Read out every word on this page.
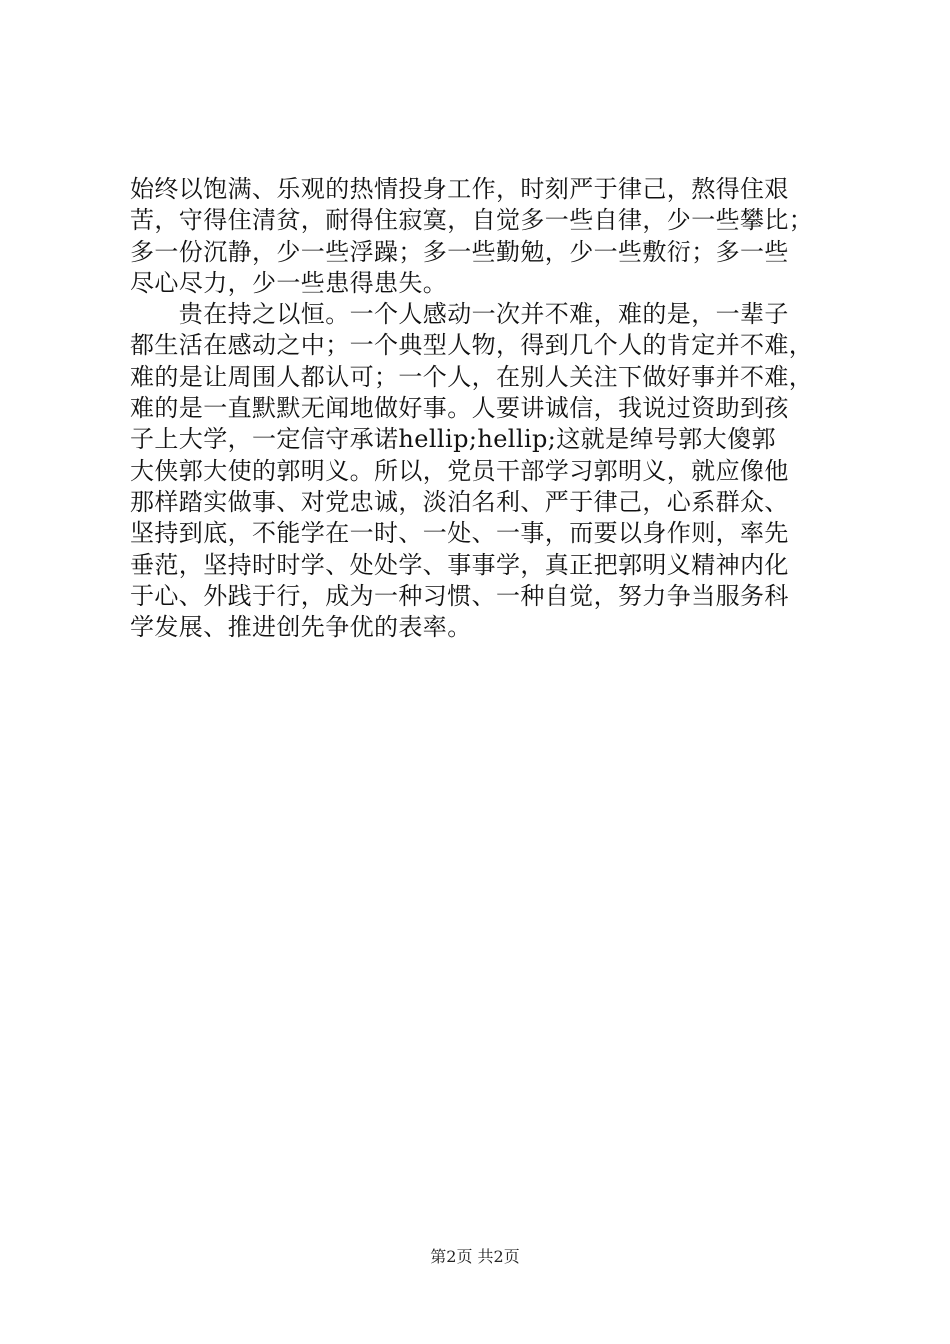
始终以饱满、乐观的热情投身工作，时刻严于律己，熬得住艰
苦，守得住清贫，耐得住寂寞，自觉多一些自律，少一些攀比；
多一份沉静，少一些浮躁；多一些勤勉，少一些敷衍；多一些
尽心尽力，少一些患得患失。
　　贵在持之以恒。一个人感动一次并不难，难的是，一辈子
都生活在感动之中；一个典型人物，得到几个人的肯定并不难，
难的是让周围人都认可；一个人，在别人关注下做好事并不难，
难的是一直默默无闻地做好事。人要讲诚信，我说过资助到孩
子上大学，一定信守承诺hellip;hellip;这就是绰号郭大傻郭
大侠郭大使的郭明义。所以，党员干部学习郭明义，就应像他
那样踏实做事、对党忠诚，淡泊名利、严于律己，心系群众、
坚持到底，不能学在一时、一处、一事，而要以身作则，率先
垂范，坚持时时学、处处学、事事学，真正把郭明义精神内化
于心、外践于行，成为一种习惯、一种自觉，努力争当服务科
学发展、推进创先争优的表率。
第2页 共2页
